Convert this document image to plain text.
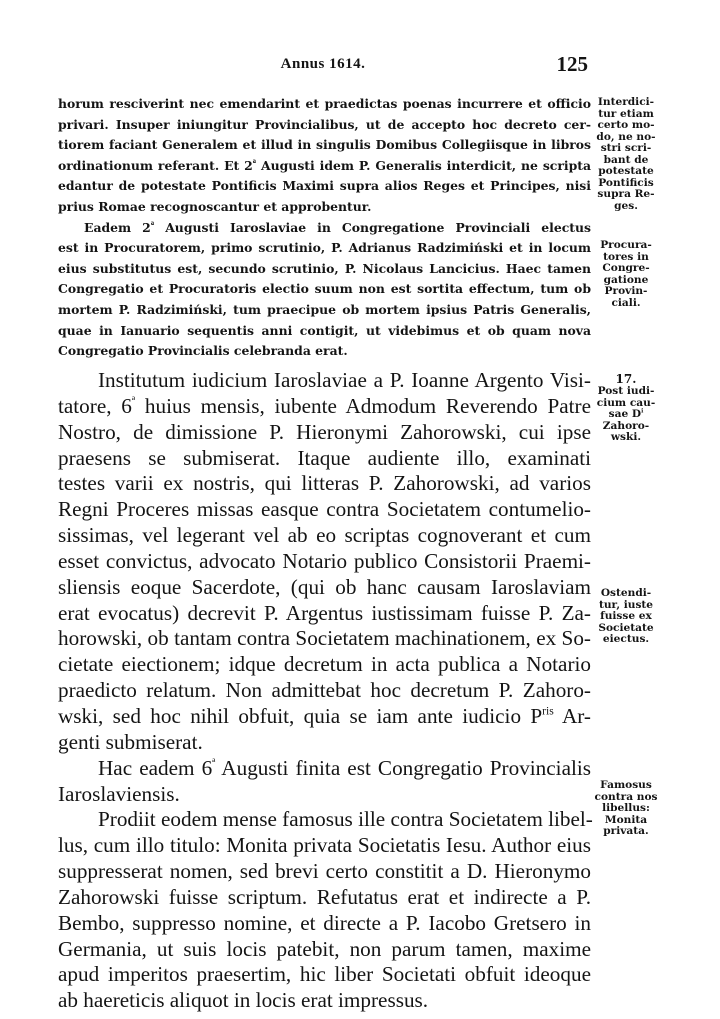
Annus 1614.	125
horum resciverint nec emendarint et praedictas poenas incurrere et officio
privari. Insuper iniungitur Provincialibus, ut de accepto hoc decreto cer-
tiorem faciant Generalem et illud in singulis Domibus Collegiisque in libros
ordinationum referant. Et $2^ª$ Augusti idem P. Generalis interdicit, ne scripta
edantur de potestate Pontificis Maximi supra alios Reges et Principes, nisi
prius Romae recognoscantur et approbentur.
Eadem $2^ª$ Augusti Iaroslaviae in Congregatione Provinciali electus
est in Procuratorem, primo scrutinio, P. Adrianus Radzimiński et in locum
eius substitutus est, secundo scrutinio, P. Nicolaus Lancicius. Haec tamen
Congregatio et Procuratoris electio suum non est sortita effectum, tum ob
mortem P. Radzimiński, tum praecipue ob mortem ipsius Patris Generalis,
quae in Ianuario sequentis anni contigit, ut videbimus et ob quam nova
Congregatio Provincialis celebranda erat.
Institutum iudicium Iaroslaviae a P. Ioanne Argento Visi-
tatore, $6^ª$ huius mensis, iubente Admodum Reverendo Patre
Nostro, de dimissione P. Hieronymi Zahorowski, cui ipse
praesens se submiserat. Itaque audiente illo, examinati
testes varii ex nostris, qui litteras P. Zahorowski, ad varios
Regni Proceres missas easque contra Societatem contumelio-
sissimas, vel legerant vel ab eo scriptas cognoverant et cum
esset convictus, advocato Notario publico Consistorii Praemi-
sliensis eoque Sacerdote, (qui ob hanc causam Iaroslaviam
erat evocatus) decrevit P. Argentus iustissimam fuisse P. Za-
horowski, ob tantam contra Societatem machinationem, ex So-
cietate eiectionem; idque decretum in acta publica a Notario
praedicto relatum. Non admittebat hoc decretum P. Zahoro-
wski, sed hoc nihil obfuit, quia se iam ante iudicio $P^{ris}$ Ar-
genti submiserat.
Hac eadem $6^ª$ Augusti finita est Congregatio Provincialis
Iaroslaviensis.
Prodiit eodem mense famosus ille contra Societatem libel-
lus, cum illo titulo: Monita privata Societatis Iesu. Author eius
suppresserat nomen, sed brevi certo constitit a D. Hieronymo
Zahorowski fuisse scriptum. Refutatus erat et indirecte a P.
Bembo, suppresso nomine, et directe a P. Iacobo Gretsero in
Germania, ut suis locis patebit, non parum tamen, maxime
apud imperitos praesertim, hic liber Societati obfuit ideoque
ab haereticis aliquot in locis erat impressus.
Interdici-
tur etiam
certo mo-
do, ne no-
stri scri-
bant de
potestate
Pontificis
supra Re-
ges.
Procura-
tores in
Congre-
gatione
Provin-
ciali.
17.
Post iudi-
cium cau-
sae $D^i$
Zahoro-
wski.
Ostendi-
tur, iuste
fuisse ex
Societate
eiectus.
Famosus
contra nos
libellus:
Monita
privata.
